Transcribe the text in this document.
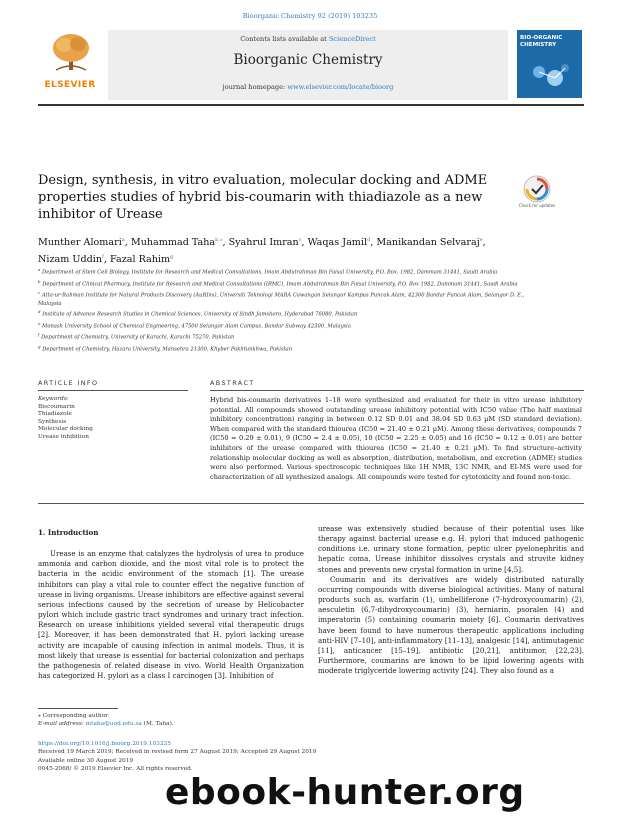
Bioorganic Chemistry 92 (2019) 103235
ELSEVIER
Contents lists available at ScienceDirect
Bioorganic Chemistry
journal homepage: www.elsevier.com/locate/bioorg
BIO-ORGANIC CHEMISTRY
Design, synthesis, in vitro evaluation, molecular docking and ADME properties studies of hybrid bis-coumarin with thiadiazole as a new inhibitor of Urease
Check for updates
Munther Alomari$^a$, Muhammad Taha$^{b,⁎}$, Syahrul Imran$^c$, Waqas Jamil$^d$, Manikandan Selvaraj$^e$,
Nizam Uddin$^f$, Fazal Rahim$^g$
$^a$ Department of Stem Cell Biology, Institute for Research and Medical Consultations, Imam Abdulrahman Bin Faisal University, P.O. Box. 1982, Dammam 31441, Saudi Arabia
$^b$ Department of Clinical Pharmacy, Institute for Research and Medical Consultations (IRMC), Imam Abdulrahman Bin Faisal University, P.O. Box 1982, Dammam 31441, Saudi Arabia
$^c$ Atta-ur-Rahman Institute for Natural Products Discovery (AuRIns), Universiti Teknologi MARA Cawangan Selangor Kampus Puncak Alam, 42300 Bandar Puncak Alam, Selangor D. E., Malaysia
$^d$ Institute of Advance Research Studies in Chemical Sciences, University of Sindh Jamshoro, Hyderabad 76080, Pakistan
$^e$ Monash University School of Chemical Engineering, 47500 Selangor Alam Campus, Bandar Subway 42300, Malaysia
$^f$ Department of Chemistry, University of Karachi, Karachi 75270, Pakistan
$^g$ Department of Chemistry, Hazara University, Mansehra 21300, Khyber Pakhtunkhwa, Pakistan
ARTICLE INFO	ABSTRACT
Keywords:
Biscoumarin
Thiadiazole
Synthesis
Molecular docking
Urease inhibition
Hybrid bis-coumarin derivatives 1–18 were synthesized and evaluated for their in vitro urease inhibitory potential. All compounds showed outstanding urease inhibitory potential with IC50 value (The half maximal inhibitory concentration) ranging in between 0.12 SD 0.01 and 38.04 SD 0.63 µM (SD standard deviation). When compared with the standard thiourea (IC50 = 21.40 ± 0.21 µM). Among these derivatives, compounds 7 (IC50 = 0.29 ± 0.01), 9 (IC50 = 2.4 ± 0.05), 10 (IC50 = 2.25 ± 0.05) and 16 (IC50 = 0.12 ± 0.01) are better inhibitors of the urease compared with thiourea (IC50 = 21.40 ± 0.21 µM). To find structure–activity relationship molecular docking as well as absorption, distribution, metabolism, and excretion (ADME) studies were also performed. Various spectroscopic techniques like 1H NMR, 13C NMR, and EI-MS were used for characterization of all synthesized analogs. All compounds were tested for cytotoxicity and found non-toxic.
1. Introduction

Urease is an enzyme that catalyzes the hydrolysis of urea to produce ammonia and carbon dioxide, and the most vital role is to protect the bacteria in the acidic environment of the stomach [1]. The urease inhibitors can play a vital role to counter effect the negative function of urease in living organisms. Urease inhibitors are effective against several serious infections caused by the secretion of urease by Helicobacter pylori which include gastric tract syndromes and urinary tract infection. Research on urease inhibitions yielded several vital therapeutic drugs [2]. Moreover, it has been demonstrated that H. pylori lacking urease activity are incapable of causing infection in animal models. Thus, it is most likely that urease is essential for bacterial colonization and perhaps the pathogenesis of related disease in vivo. World Health Organization has categorized H. pylori as a class I carcinogen [3]. Inhibition of

urease was extensively studied because of their potential uses like therapy against bacterial urease e.g. H. pylori that induced pathogenic conditions i.e. urinary stone formation, peptic ulcer pyelonephritis and hepatic coma. Urease inhibitor dissolves crystals and struvite kidney stones and prevents new crystal formation in urine [4,5].

Coumarin and its derivatives are widely distributed naturally occurring compounds with diverse biological activities. Many of natural products such as, warfarin (1), umbelliferone (7-hydroxycoumarin) (2), aesculetin (6,7-dihydroxycoumarin) (3), herniarin, psoralen (4) and imperatorin (5) containing coumarin moiety [6]. Coumarin derivatives have been found to have numerous therapeutic applications including anti-HIV [7–10], anti-inflammatory [11–13], analgesic [14], antimutagenic [11], anticancer [15–19], antibiotic [20,21], antitumor, [22,23]. Furthermore, coumarins are known to be lipid lowering agents with moderate triglyceride lowering activity [24]. They also found as a

⁎ Corresponding author.
E-mail address: mtaha@uod.edu.sa (M. Taha).
https://doi.org/10.1016/j.bioorg.2019.103235
Received 19 March 2019; Received in revised form 27 August 2019; Accepted 29 August 2019
Available online 30 August 2019
0045-2068/ © 2019 Elsevier Inc. All rights reserved.
ebook-hunter.org
